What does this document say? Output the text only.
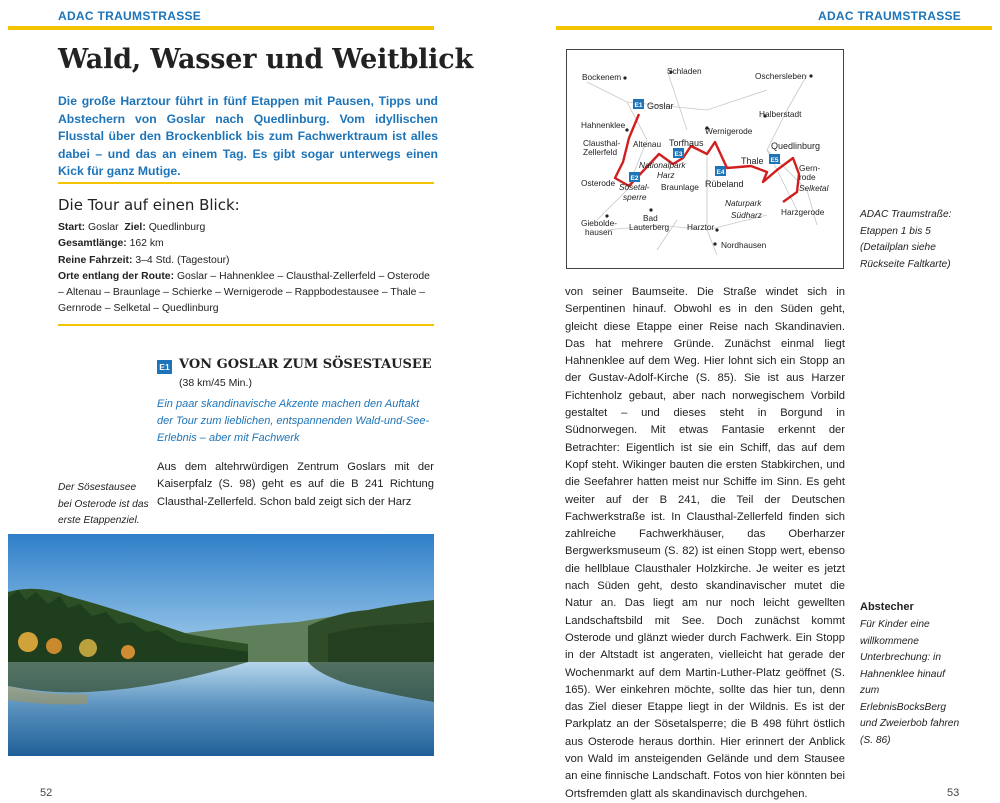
ADAC TRAUMSTRASSE	ADAC TRAUMSTRASSE
Wald, Wasser und Weitblick

Die große Harztour führt in fünf Etappen mit Pausen, Tipps und Abstechern von Goslar nach Quedlinburg. Vom idyllischen Flusstal über den Brockenblick bis zum Fachwerktraum ist alles dabei – und das an einem Tag. Es gibt sogar unterwegs einen Kick für ganz Mutige.

Die Tour auf einen Blick:
Start: Goslar Ziel: Quedlinburg
Gesamtlänge: 162 km
Reine Fahrzeit: 3–4 Std. (Tagestour)
Orte entlang der Route: Goslar – Hahnenklee – Clausthal-Zellerfeld – Osterode – Altenau – Braunlage – Schierke – Wernigerode – Rappbodestausee – Thale – Gernrode – Selketal – Quedlinburg
E1 VON GOSLAR ZUM SÖSESTAUSEE
(38 km/45 Min.)

Ein paar skandinavische Akzente machen den Auftakt der Tour zum lieblichen, entspannenden Wald-und-See-Erlebnis – aber mit Fachwerk

Aus dem altehrwürdigen Zentrum Goslars mit der Kaiserpfalz (S. 98) geht es auf die B 241 Richtung Clausthal-Zellerfeld. Schon bald zeigt sich der Harz

Der Sösestausee bei Osterode ist das erste Etappenziel.

52
Bockenem
Schladen	Oschersleben
Goslar
Halberstadt
Hahnenklee
Wernigerode
Clausthal-
Zellerfeld
Altenau Torfhaus	Quedlinburg
Nationalpark
Harz
Thale
Gern-
rode
Osterode	Braunlage Rübeland	Selketal
Sösetal-
sperre
Naturpark
Südharz Harzgerode
Gieboldе-
hausen
Bad
Lauterberg Harztor
Nordhausen
E1
E2
E3
E4
E5

ADAC Traumstraße: Etappen 1 bis 5 (Detailplan siehe Rückseite Faltkarte)

von seiner Baumseite. Die Straße windet sich in Serpentinen hinauf. Obwohl es in den Süden geht, gleicht diese Etappe einer Reise nach Skandinavien. Das hat mehrere Gründe. Zunächst einmal liegt Hahnenklee auf dem Weg. Hier lohnt sich ein Stopp an der Gustav-Adolf-Kirche (S. 85). Sie ist aus Harzer Fichtenholz gebaut, aber nach norwegischem Vorbild gestaltet – und dieses steht in Borgund in Südnorwegen. Mit etwas Fantasie erkennt der Betrachter: Eigentlich ist sie ein Schiff, das auf dem Kopf steht. Wikinger bauten die ersten Stabkirchen, und die Seefahrer hatten meist nur Schiffe im Sinn. Es geht weiter auf der B 241, die Teil der Deutschen Fachwerkstraße ist. In Clausthal-Zellerfeld finden sich zahlreiche Fachwerkhäuser, das Oberharzer Bergwerksmuseum (S. 82) ist einen Stopp wert, ebenso die hellblaue Clausthaler Holzkirche. Je weiter es jetzt nach Süden geht, desto skandinavischer mutet die Natur an. Das liegt am nur noch leicht gewellten Landschaftsbild mit See. Doch zunächst kommt Osterode und glänzt wieder durch Fachwerk. Ein Stopp in der Altstadt ist angeraten, vielleicht hat gerade der Wochenmarkt auf dem Martin-Luther-Platz geöffnet (S. 165). Wer einkehren möchte, sollte das hier tun, denn das Ziel dieser Etappe liegt in der Wildnis. Es ist der Parkplatz an der Sösetalsperre; die B 498 führt östlich aus Osterode heraus dorthin. Hier erinnert der Anblick von Wald im ansteigenden Gelände und dem Stausee an eine finnische Landschaft. Fotos von hier könnten bei Ortsfremden glatt als skandinavisch durchgehen.

Abstecher

Für Kinder eine willkommene Unterbrechung: in Hahnenklee hinauf zum ErlebnisBocksBerg und Zweierbob fahren (S. 86)

53
